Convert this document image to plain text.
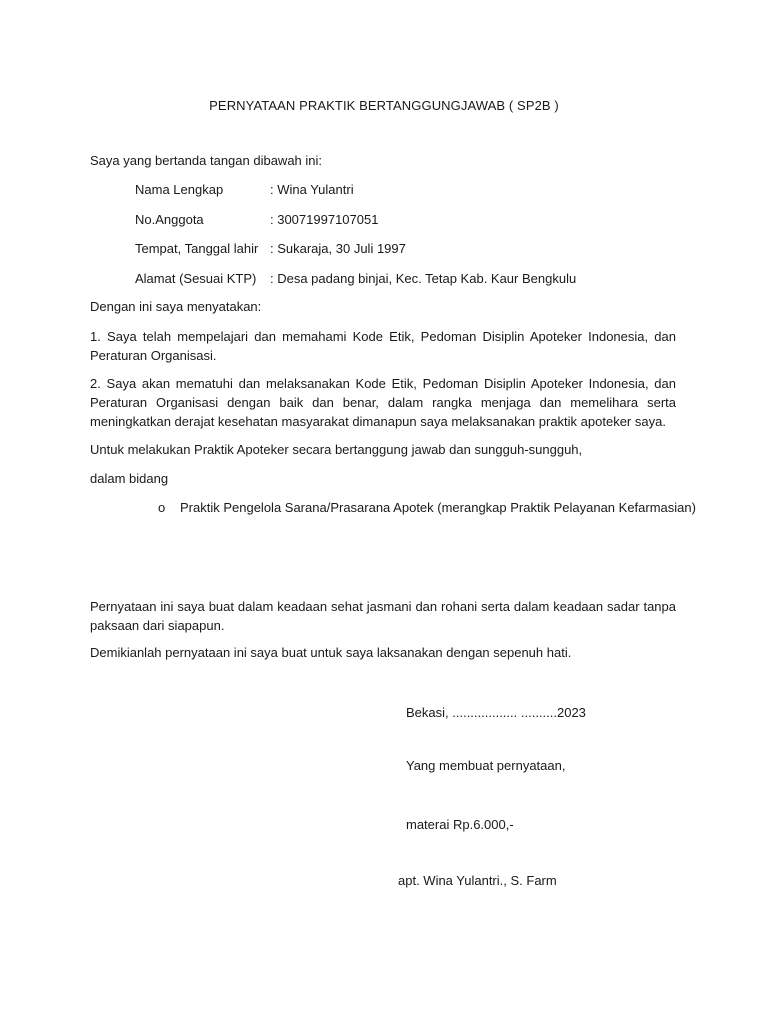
PERNYATAAN PRAKTIK BERTANGGUNGJAWAB ( SP2B )
Saya yang bertanda tangan dibawah ini:
Nama Lengkap	: Wina Yulantri
No.Anggota	: 30071997107051
Tempat, Tanggal lahir : Sukaraja, 30 Juli 1997
Alamat (Sesuai KTP) : Desa padang binjai, Kec. Tetap Kab. Kaur Bengkulu
Dengan ini saya menyatakan:
1. Saya telah mempelajari dan memahami Kode Etik, Pedoman Disiplin Apoteker Indonesia, dan Peraturan Organisasi.
2. Saya akan mematuhi dan melaksanakan Kode Etik, Pedoman Disiplin Apoteker Indonesia, dan Peraturan Organisasi dengan baik dan benar, dalam rangka menjaga dan memelihara serta meningkatkan derajat kesehatan masyarakat dimanapun saya melaksanakan praktik apoteker saya.
Untuk melakukan Praktik Apoteker secara bertanggung jawab dan sungguh-sungguh,
dalam bidang
o Praktik Pengelola Sarana/Prasarana Apotek (merangkap Praktik Pelayanan Kefarmasian)
Pernyataan ini saya buat dalam keadaan sehat jasmani dan rohani serta dalam keadaan sadar tanpa paksaan dari siapapun.
Demikianlah pernyataan ini saya buat untuk saya laksanakan dengan sepenuh hati.
Bekasi, .................. ..........2023
Yang membuat pernyataan,
materai Rp.6.000,-
apt. Wina Yulantri., S. Farm
